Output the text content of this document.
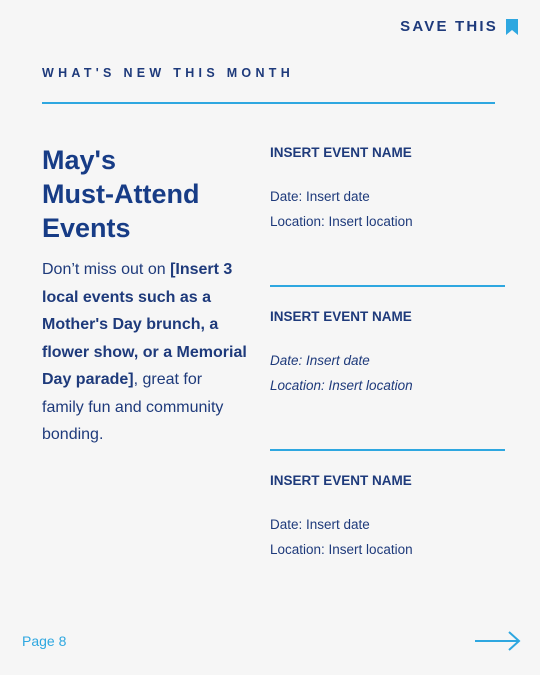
SAVE THIS
WHAT'S NEW THIS MONTH
May's
Must-Attend
Events
Don’t miss out on [Insert 3 local events such as a Mother's Day brunch, a flower show, or a Memorial Day parade], great for family fun and community bonding.
INSERT EVENT NAME
Date: Insert date
Location: Insert location
INSERT EVENT NAME
Date: Insert date
Location: Insert location
INSERT EVENT NAME
Date: Insert date
Location: Insert location
Page 8
